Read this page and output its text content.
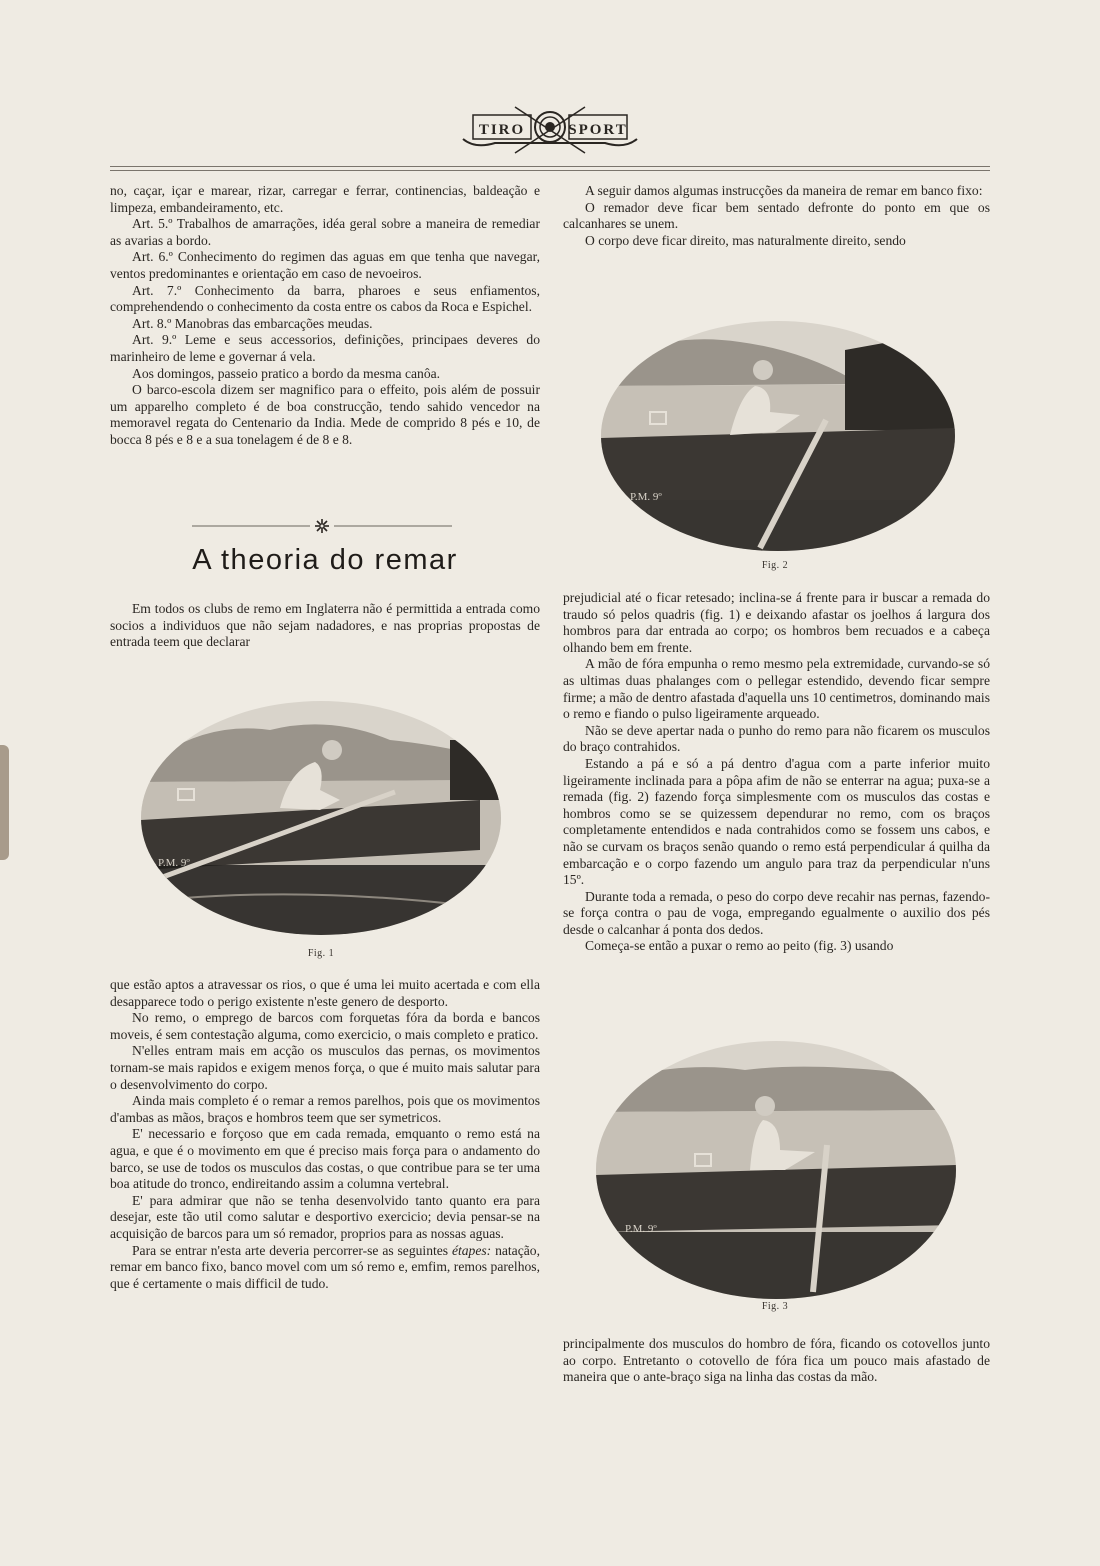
TIRO	SPORT

no, caçar, içar e marear, rizar, carregar e ferrar, continencias, baldeação e limpeza, embandeiramento, etc.

Art. 5.º Trabalhos de amarrações, idéa geral sobre a maneira de remediar as avarias a bordo.

Art. 6.º Conhecimento do regimen das aguas em que tenha que navegar, ventos predominantes e orientação em caso de nevoeiros.

Art. 7.º Conhecimento da barra, pharoes e seus enfiamentos, comprehendendo o conhecimento da costa entre os cabos da Roca e Espichel.

Art. 8.º Manobras das embarcações meudas.

Art. 9.º Leme e seus accessorios, definições, principaes deveres do marinheiro de leme e governar á vela.

Aos domingos, passeio pratico a bordo da mesma canôa.

O barco-escola dizem ser magnifico para o effeito, pois além de possuir um apparelho completo é de boa construcção, tendo sahido vencedor na memoravel regata do Centenario da India. Mede de comprido 8 pés e 10, de bocca 8 pés e 8 e a sua tonelagem é de 8 e 8.

A theoria do remar

Em todos os clubs de remo em Inglaterra não é permittida a entrada como socios a individuos que não sejam nadadores, e nas proprias propostas de entrada teem que declarar

P.M. 9º
Fig. 1

que estão aptos a atravessar os rios, o que é uma lei muito acertada e com ella desapparece todo o perigo existente n'este genero de desporto.

No remo, o emprego de barcos com forquetas fóra da borda e bancos moveis, é sem contestação alguma, como exercicio, o mais completo e pratico.

N'elles entram mais em acção os musculos das pernas, os movimentos tornam-se mais rapidos e exigem menos força, o que é muito mais salutar para o desenvolvimento do corpo.

Ainda mais completo é o remar a remos parelhos, pois que os movimentos d'ambas as mãos, braços e hombros teem que ser symetricos.

E' necessario e forçoso que em cada remada, emquanto o remo está na agua, e que é o movimento em que é preciso mais força para o andamento do barco, se use de todos os musculos das costas, o que contribue para se ter uma boa atitude do tronco, endireitando assim a columna vertebral.

E' para admirar que não se tenha desenvolvido tanto quanto era para desejar, este tão util como salutar e desportivo exercicio; devia pensar-se na acquisição de barcos para um só remador, proprios para as nossas aguas.

Para se entrar n'esta arte deveria percorrer-se as seguintes étapes: natação, remar em banco fixo, banco movel com um só remo e, emfim, remos parelhos, que é certamente o mais difficil de tudo.

A seguir damos algumas instrucções da maneira de remar em banco fixo:

O remador deve ficar bem sentado defronte do ponto em que os calcanhares se unem.

O corpo deve ficar direito, mas naturalmente direito, sendo

P.M. 9º
Fig. 2

prejudicial até o ficar retesado; inclina-se á frente para ir buscar a remada do traudo só pelos quadris (fig. 1) e deixando afastar os joelhos á largura dos hombros para dar entrada ao corpo; os hombros bem recuados e a cabeça olhando bem em frente.

A mão de fóra empunha o remo mesmo pela extremidade, curvando-se só as ultimas duas phalanges com o pellegar estendido, devendo ficar sempre firme; a mão de dentro afastada d'aquella uns 10 centimetros, dominando mais o remo e fiando o pulso ligeiramente arqueado.

Não se deve apertar nada o punho do remo para não ficarem os musculos do braço contrahidos.

Estando a pá e só a pá dentro d'agua com a parte inferior muito ligeiramente inclinada para a pôpa afim de não se enterrar na agua; puxa-se a remada (fig. 2) fazendo força simplesmente com os musculos das costas e hombros como se se quizessem dependurar no remo, com os braços completamente entendidos e nada contrahidos como se fossem uns cabos, e não se curvam os braços senão quando o remo está perpendicular á quilha da embarcação e o corpo fazendo um angulo para traz da perpendicular n'uns 15º.

Durante toda a remada, o peso do corpo deve recahir nas pernas, fazendo-se força contra o pau de voga, empregando egualmente o auxilio dos pés desde o calcanhar á ponta dos dedos.

Começa-se então a puxar o remo ao peito (fig. 3) usando

P.M. 9º
Fig. 3

principalmente dos musculos do hombro de fóra, ficando os cotovellos junto ao corpo. Entretanto o cotovello de fóra fica um pouco mais afastado de maneira que o ante-braço siga na linha das costas da mão.
